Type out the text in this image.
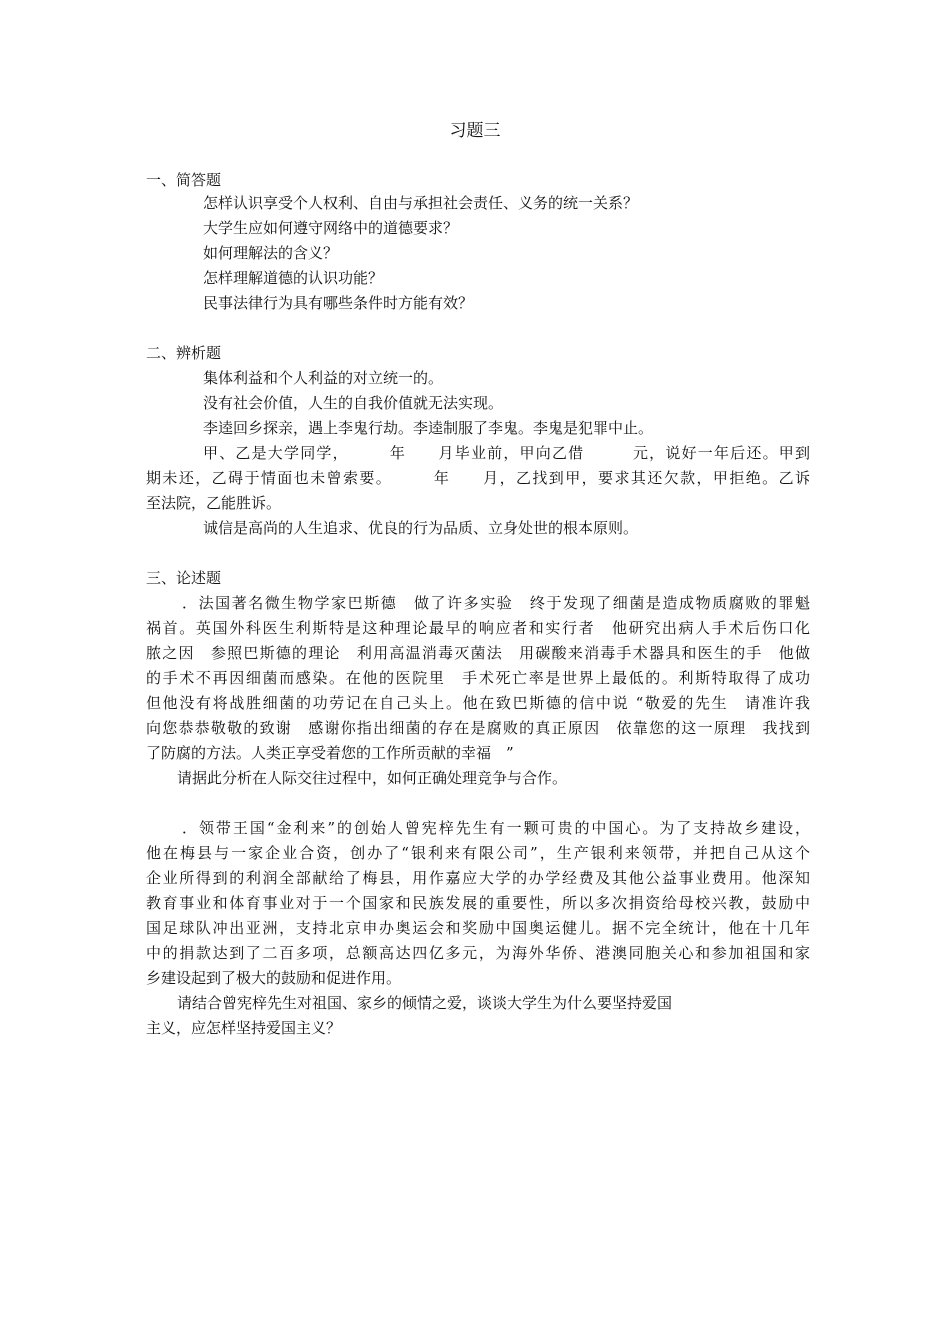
习题三
一、简答题
怎样认识享受个人权利、自由与承担社会责任、义务的统一关系？
大学生应如何遵守网络中的道德要求？
如何理解法的含义？
怎样理解道德的认识功能？
民事法律行为具有哪些条件时方能有效？
二、辨析题
集体利益和个人利益的对立统一的。
没有社会价值，人生的自我价值就无法实现。
李逵回乡探亲，遇上李鬼行劫。李逵制服了李鬼。李鬼是犯罪中止。
甲、乙是大学同学，　　　年　　月毕业前，甲向乙借　　　元，说好一年后还。甲到
期未还，乙碍于情面也未曾索要。　　　年　　月，乙找到甲，要求其还欠款，甲拒绝。乙诉
至法院，乙能胜诉。
诚信是高尚的人生追求、优良的行为品质、立身处世的根本原则。
三、论述题
．法国著名微生物学家巴斯德　做了许多实验　终于发现了细菌是造成物质腐败的罪魁
祸首。英国外科医生利斯特是这种理论最早的响应者和实行者　他研究出病人手术后伤口化
脓之因　参照巴斯德的理论　利用高温消毒灭菌法　用碳酸来消毒手术器具和医生的手　他做
的手术不再因细菌而感染。在他的医院里　手术死亡率是世界上最低的。利斯特取得了成功
但他没有将战胜细菌的功劳记在自己头上。他在致巴斯德的信中说 “敬爱的先生　请准许我
向您恭恭敬敬的致谢　感谢你指出细菌的存在是腐败的真正原因　依靠您的这一原理　我找到
了防腐的方法。人类正享受着您的工作所贡献的幸福　”
请据此分析在人际交往过程中，如何正确处理竞争与合作。
．领带王国“金利来”的创始人曾宪梓先生有一颗可贵的中国心。为了支持故乡建设，
他在梅县与一家企业合资，创办了“银利来有限公司”，生产银利来领带，并把自己从这个
企业所得到的利润全部献给了梅县，用作嘉应大学的办学经费及其他公益事业费用。他深知
教育事业和体育事业对于一个国家和民族发展的重要性，所以多次捐资给母校兴教，鼓励中
国足球队冲出亚洲，支持北京申办奥运会和奖励中国奥运健儿。据不完全统计，他在十几年
中的捐款达到了二百多项，总额高达四亿多元，为海外华侨、港澳同胞关心和参加祖国和家
乡建设起到了极大的鼓励和促进作用。
请结合曾宪梓先生对祖国、家乡的倾情之爱，谈谈大学生为什么要坚持爱国
主义，应怎样坚持爱国主义？
